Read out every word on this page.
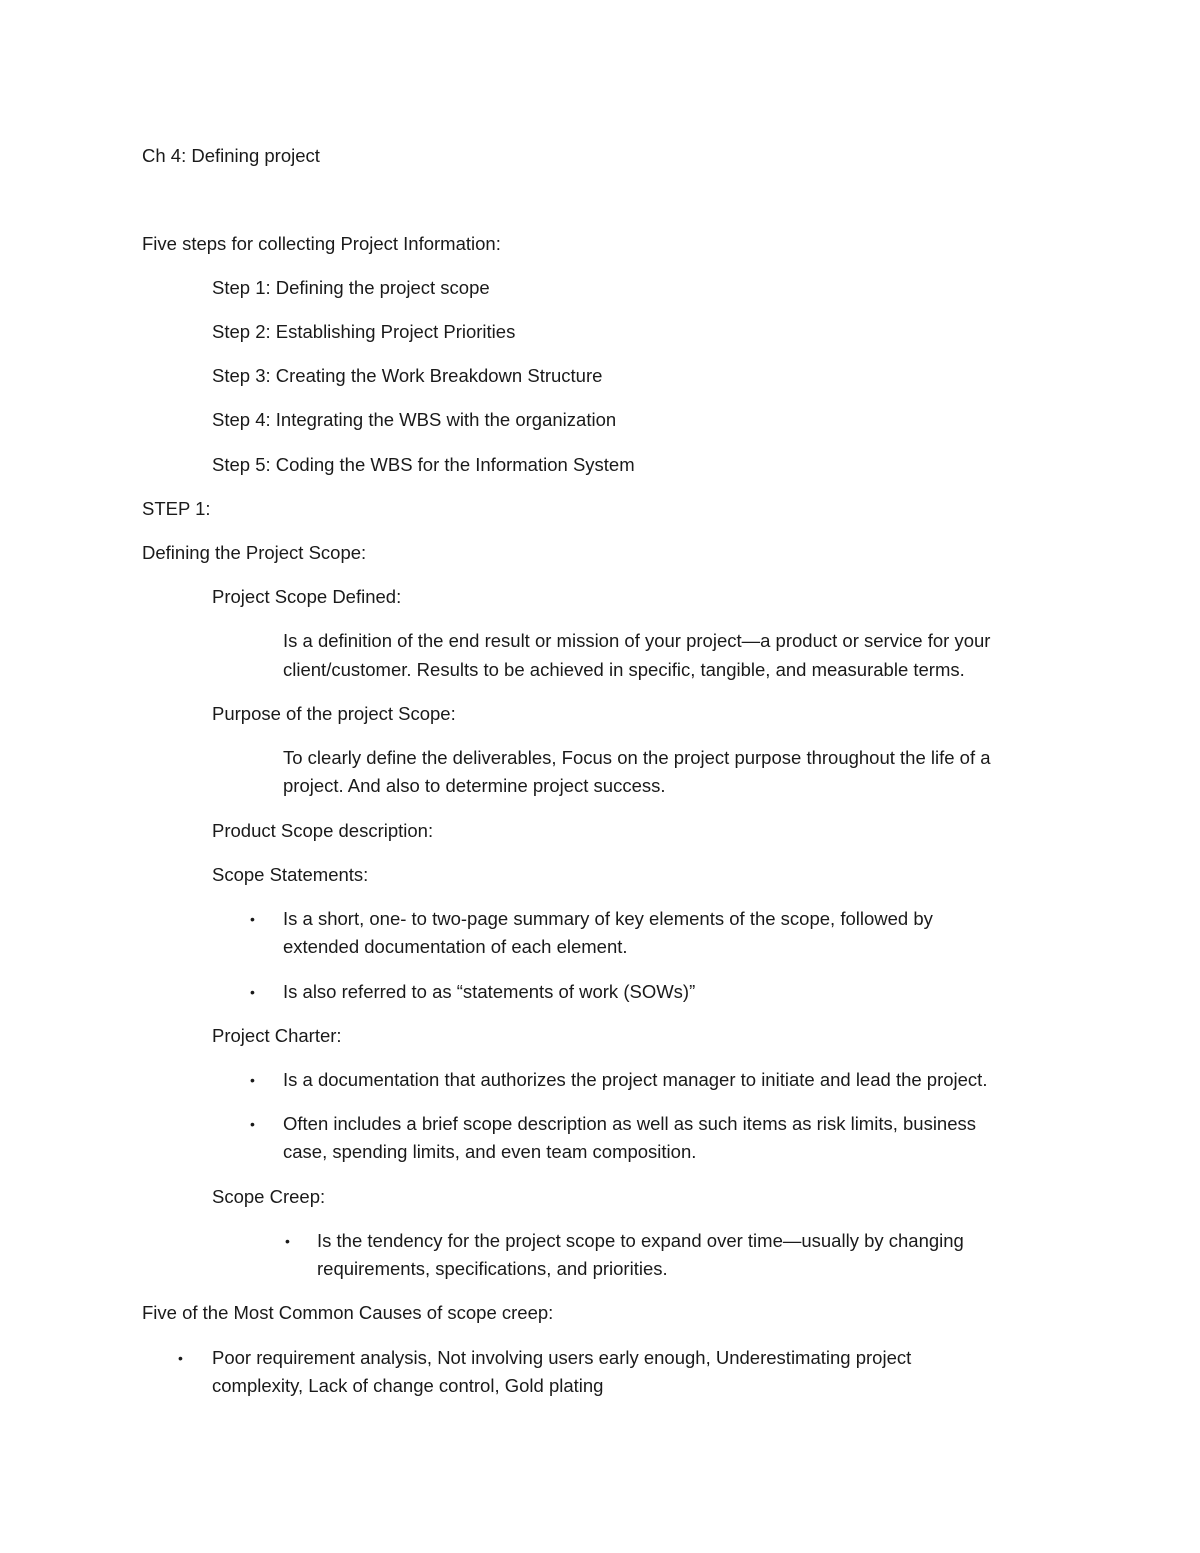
Ch 4: Defining project
Five steps for collecting Project Information:
Step 1: Defining the project scope
Step 2: Establishing Project Priorities
Step 3: Creating the Work Breakdown Structure
Step 4: Integrating the WBS with the organization
Step 5: Coding the WBS for the Information System
STEP 1:
Defining the Project Scope:
Project Scope Defined:
Is a definition of the end result or mission of your project—a product or service for your
client/customer. Results to be achieved in specific, tangible, and measurable terms.
Purpose of the project Scope:
To clearly define the deliverables, Focus on the project purpose throughout the life of a
project. And also to determine project success.
Product Scope description:
Scope Statements:
• Is a short, one- to two-page summary of key elements of the scope, followed by
extended documentation of each element.
• Is also referred to as “statements of work (SOWs)”
Project Charter:
• Is a documentation that authorizes the project manager to initiate and lead the project.
• Often includes a brief scope description as well as such items as risk limits, business
case, spending limits, and even team composition.
Scope Creep:
• Is the tendency for the project scope to expand over time—usually by changing
requirements, specifications, and priorities.
Five of the Most Common Causes of scope creep:
• Poor requirement analysis, Not involving users early enough, Underestimating project
complexity, Lack of change control, Gold plating
